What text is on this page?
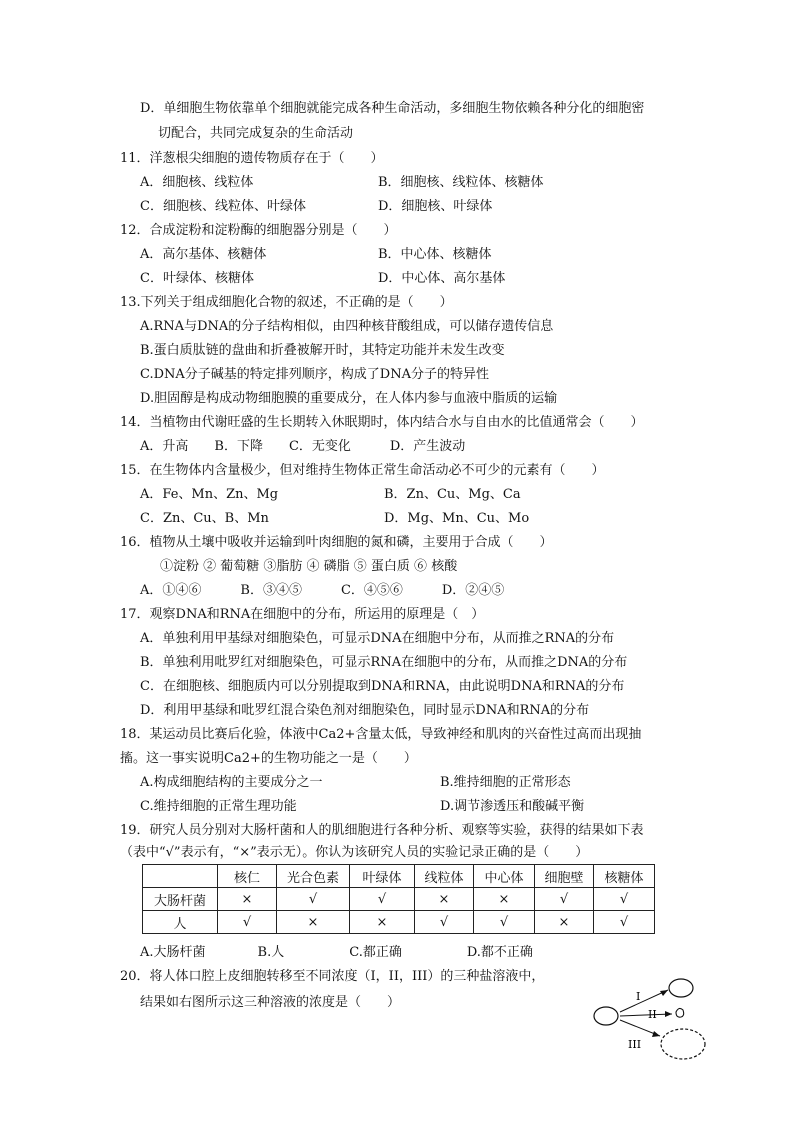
D．单细胞生物依靠单个细胞就能完成各种生命活动，多细胞生物依赖各种分化的细胞密
切配合，共同完成复杂的生命活动
11．洋葱根尖细胞的遗传物质存在于（　　）
A．细胞核、线粒体	B．细胞核、线粒体、核糖体
C．细胞核、线粒体、叶绿体	D．细胞核、叶绿体
12．合成淀粉和淀粉酶的细胞器分别是（　　）
A．高尔基体、核糖体	B．中心体、核糖体
C．叶绿体、核糖体	D．中心体、高尔基体
13.下列关于组成细胞化合物的叙述，不正确的是（　　）
A.RNA与DNA的分子结构相似，由四种核苷酸组成，可以储存遗传信息
B.蛋白质肽链的盘曲和折叠被解开时，其特定功能并未发生改变
C.DNA分子碱基的特定排列顺序，构成了DNA分子的特异性
D.胆固醇是构成动物细胞膜的重要成分，在人体内参与血液中脂质的运输
14．当植物由代谢旺盛的生长期转入休眠期时，体内结合水与自由水的比值通常会（　　）
A．升高　　B．下降　　C．无变化　　　D．产生波动
15．在生物体内含量极少，但对维持生物体正常生命活动必不可少的元素有（　　）
A．Fe、Mn、Zn、Mg	B．Zn、Cu、Mg、Ca
C．Zn、Cu、B、Mn	D．Mg、Mn、Cu、Mo
16．植物从土壤中吸收并运输到叶肉细胞的氮和磷，主要用于合成（　　）
①淀粉 ② 葡萄糖 ③脂肪 ④ 磷脂 ⑤ 蛋白质 ⑥ 核酸
A．①④⑥　　　B．③④⑤　　　C．④⑤⑥　　　D．②④⑤
17．观察DNA和RNA在细胞中的分布，所运用的原理是（　）
A．单独利用甲基绿对细胞染色，可显示DNA在细胞中分布，从而推之RNA的分布
B．单独利用吡罗红对细胞染色，可显示RNA在细胞中的分布，从而推之DNA的分布
C．在细胞核、细胞质内可以分别提取到DNA和RNA，由此说明DNA和RNA的分布
D．利用甲基绿和吡罗红混合染色剂对细胞染色，同时显示DNA和RNA的分布
18．某运动员比赛后化验，体液中Ca2+含量太低，导致神经和肌肉的兴奋性过高而出现抽
搐。这一事实说明Ca2+的生物功能之一是（　　）
A.构成细胞结构的主要成分之一	B.维持细胞的正常形态
C.维持细胞的正常生理功能	D.调节渗透压和酸碱平衡
19．研究人员分别对大肠杆菌和人的肌细胞进行各种分析、观察等实验，获得的结果如下表
（表中“√”表示有，“×”表示无）。你认为该研究人员的实验记录正确的是（　　）
	核仁	光合色素	叶绿体	线粒体	中心体	细胞壁	核糖体
大肠杆菌	×	√	√	×	×	√	√
人	√	×	×	√	√	×	√
A.大肠杆菌　　　　B.人　　　　　C.都正确　　　　　D.都不正确
20．将人体口腔上皮细胞转移至不同浓度（I，II，III）的三种盐溶液中，
结果如右图所示这三种溶液的浓度是（　　）	I
II
III
